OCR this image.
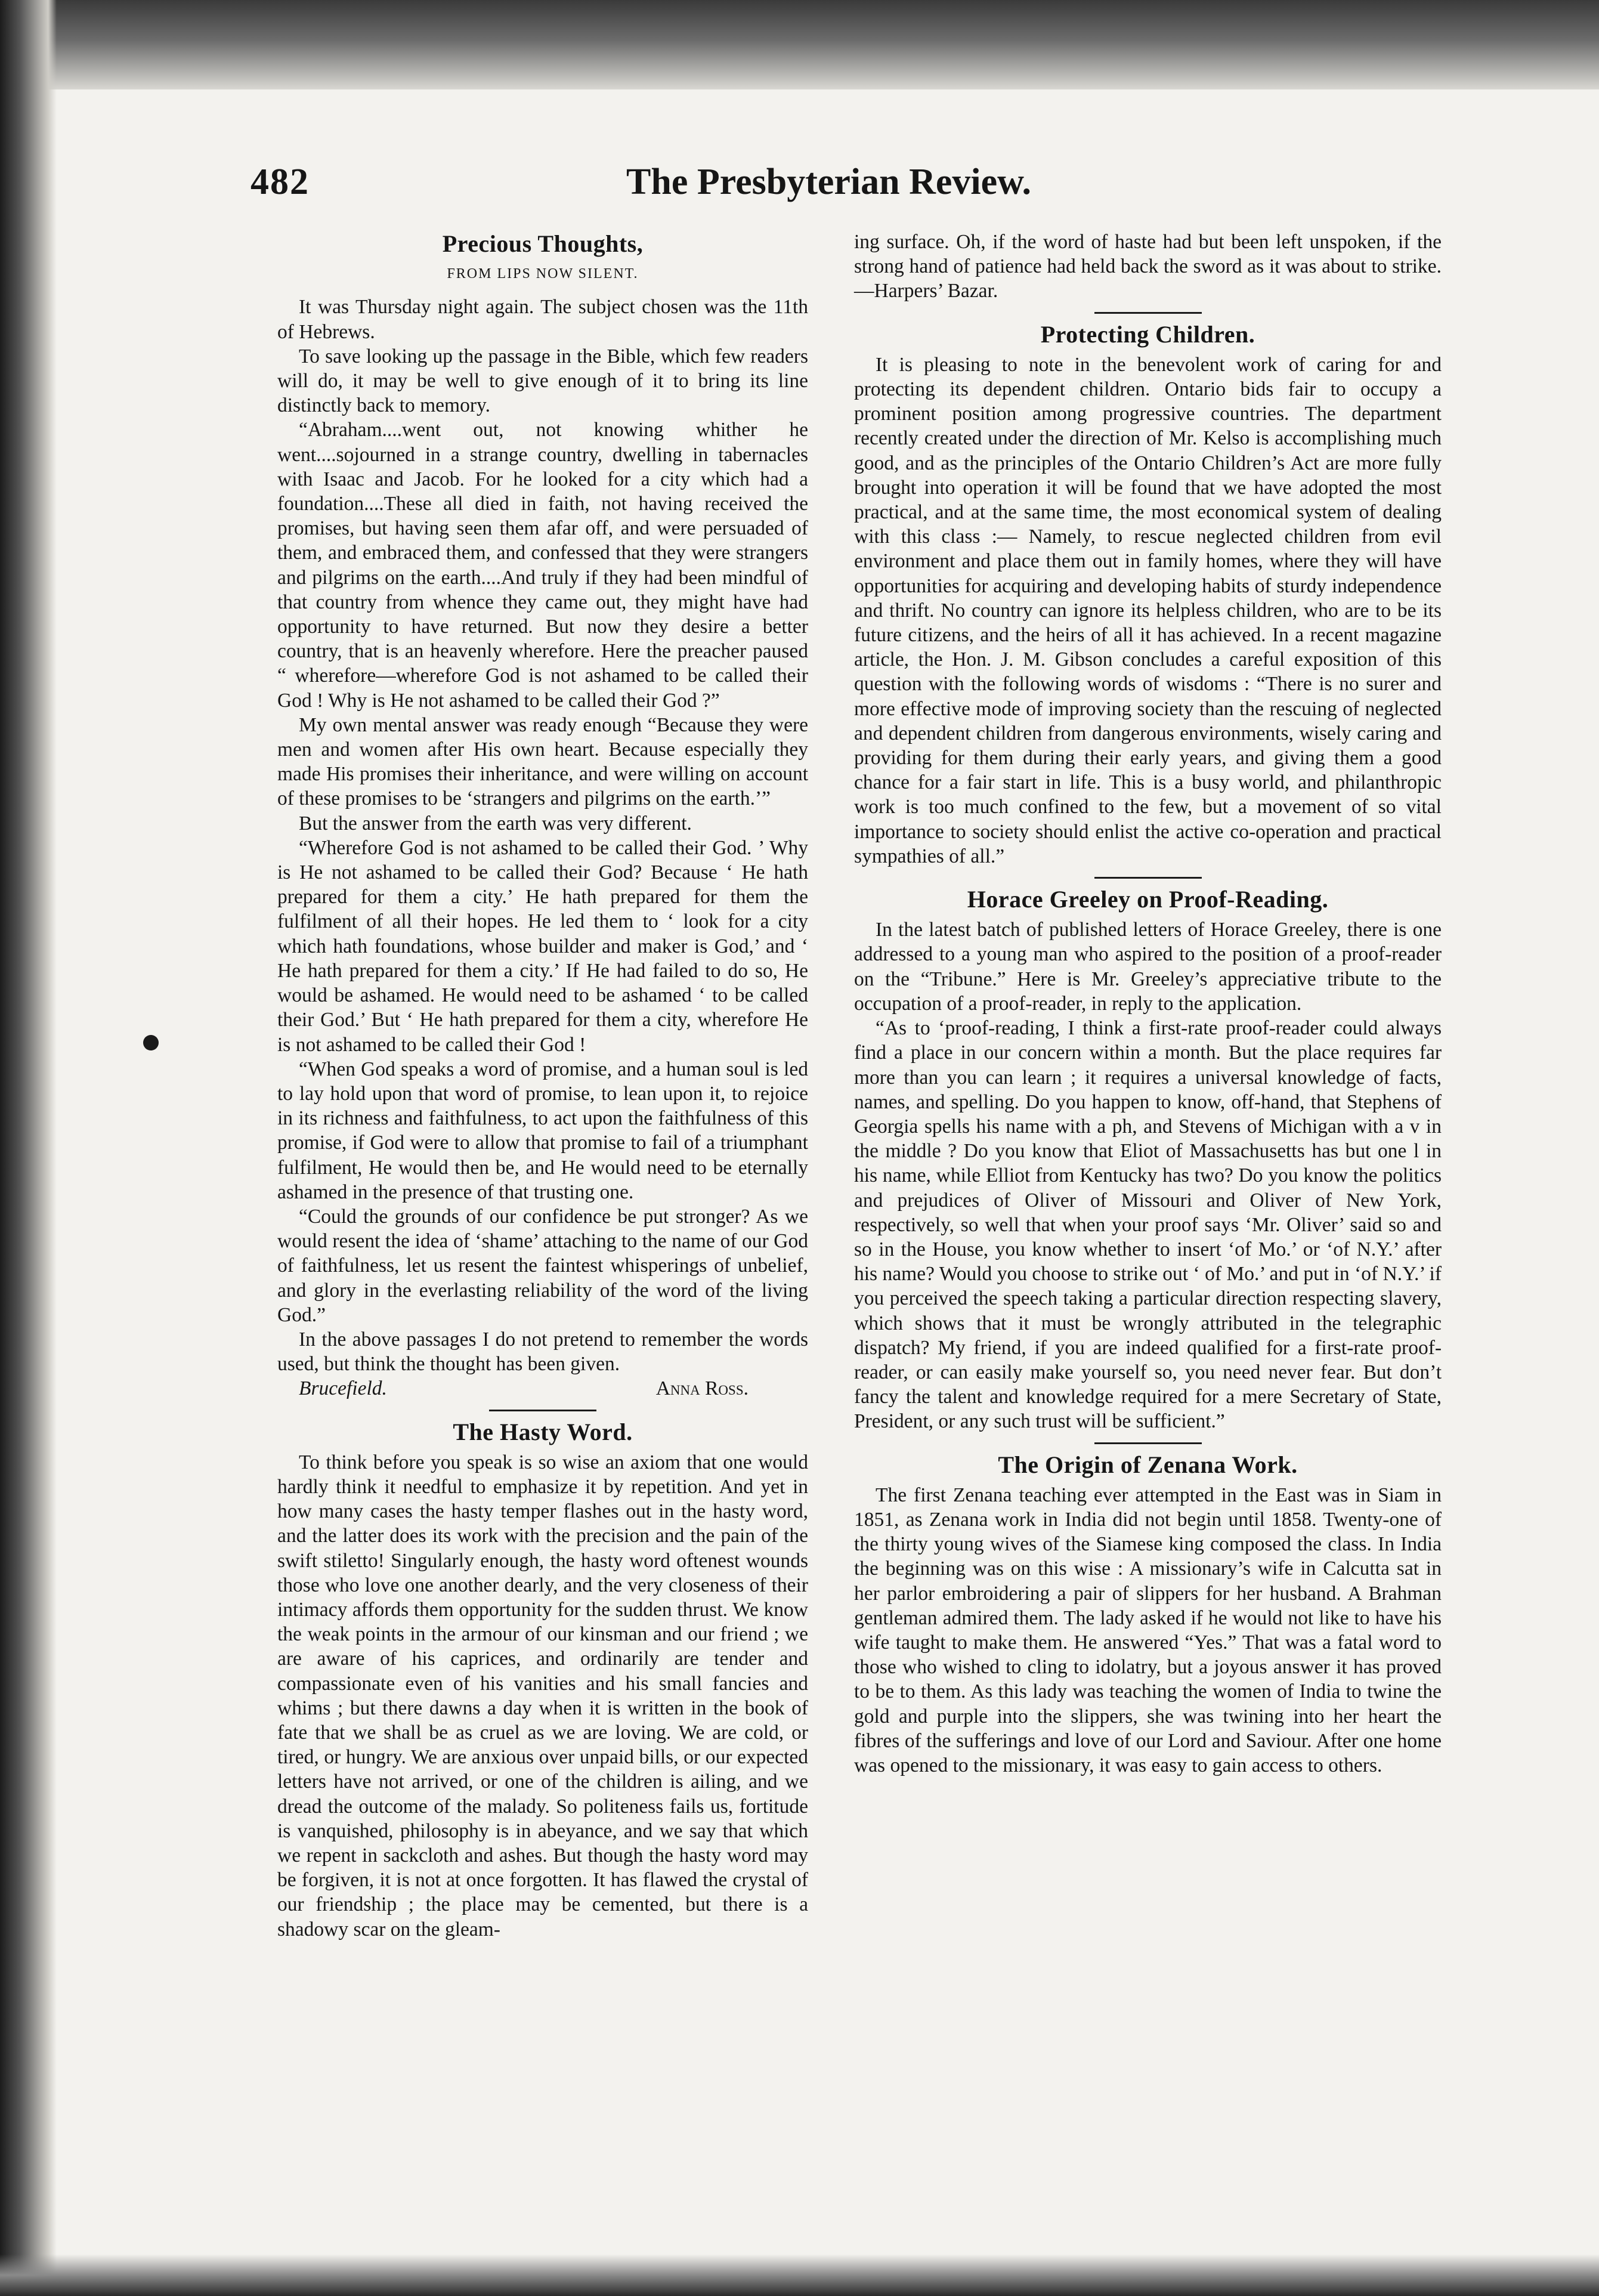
482	The Presbyterian Review.
Precious Thoughts,
FROM LIPS NOW SILENT.

It was Thursday night again. The subject chosen was the 11th of Hebrews.

To save looking up the passage in the Bible, which few readers will do, it may be well to give enough of it to bring its line distinctly back to memory.

“Abraham....went out, not knowing whither he went....sojourned in a strange country, dwelling in tabernacles with Isaac and Jacob. For he looked for a city which had a foundation....These all died in faith, not having received the promises, but having seen them afar off, and were persuaded of them, and embraced them, and confessed that they were strangers and pilgrims on the earth....And truly if they had been mindful of that country from whence they came out, they might have had opportunity to have returned. But now they desire a better country, that is an heavenly wherefore. Here the preacher paused “ wherefore—wherefore God is not ashamed to be called their God ! Why is He not ashamed to be called their God ?”

My own mental answer was ready enough “Because they were men and women after His own heart. Because especially they made His promises their inheritance, and were willing on account of these promises to be ‘strangers and pilgrims on the earth.’”

But the answer from the earth was very different.

“Wherefore God is not ashamed to be called their God. ’ Why is He not ashamed to be called their God? Because ‘ He hath prepared for them a city.’ He hath prepared for them the fulfilment of all their hopes. He led them to ‘ look for a city which hath foundations, whose builder and maker is God,’ and ‘ He hath prepared for them a city.’ If He had failed to do so, He would be ashamed. He would need to be ashamed ‘ to be called their God.’ But ‘ He hath prepared for them a city, wherefore He is not ashamed to be called their God !

“When God speaks a word of promise, and a human soul is led to lay hold upon that word of promise, to lean upon it, to rejoice in its richness and faithfulness, to act upon the faithfulness of this promise, if God were to allow that promise to fail of a triumphant fulfilment, He would then be, and He would need to be eternally ashamed in the presence of that trusting one.

“Could the grounds of our confidence be put stronger? As we would resent the idea of ‘shame’ attaching to the name of our God of faithfulness, let us resent the faintest whisperings of unbelief, and glory in the everlasting reliability of the word of the living God.”

In the above passages I do not pretend to remember the words used, but think the thought has been given.

Brucefield.	Anna Ross.

The Hasty Word.

To think before you speak is so wise an axiom that one would hardly think it needful to emphasize it by repetition. And yet in how many cases the hasty temper flashes out in the hasty word, and the latter does its work with the precision and the pain of the swift stiletto! Singularly enough, the hasty word oftenest wounds those who love one another dearly, and the very closeness of their intimacy affords them opportunity for the sudden thrust. We know the weak points in the armour of our kinsman and our friend ; we are aware of his caprices, and ordinarily are tender and compassionate even of his vanities and his small fancies and whims ; but there dawns a day when it is written in the book of fate that we shall be as cruel as we are loving. We are cold, or tired, or hungry. We are anxious over unpaid bills, or our expected letters have not arrived, or one of the children is ailing, and we dread the outcome of the malady. So politeness fails us, fortitude is vanquished, philosophy is in abeyance, and we say that which we repent in sackcloth and ashes. But though the hasty word may be forgiven, it is not at once forgotten. It has flawed the crystal of our friendship ; the place may be cemented, but there is a shadowy scar on the gleam-

ing surface. Oh, if the word of haste had but been left unspoken, if the strong hand of patience had held back the sword as it was about to strike.—Harpers’ Bazar.

Protecting Children.

It is pleasing to note in the benevolent work of caring for and protecting its dependent children. Ontario bids fair to occupy a prominent position among progressive countries. The department recently created under the direction of Mr. Kelso is accomplishing much good, and as the principles of the Ontario Children’s Act are more fully brought into operation it will be found that we have adopted the most practical, and at the same time, the most economical system of dealing with this class :— Namely, to rescue neglected children from evil environment and place them out in family homes, where they will have opportunities for acquiring and developing habits of sturdy independence and thrift. No country can ignore its helpless children, who are to be its future citizens, and the heirs of all it has achieved. In a recent magazine article, the Hon. J. M. Gibson concludes a careful exposition of this question with the following words of wisdoms : “There is no surer and more effective mode of improving society than the rescuing of neglected and dependent children from dangerous environments, wisely caring and providing for them during their early years, and giving them a good chance for a fair start in life. This is a busy world, and philanthropic work is too much confined to the few, but a movement of so vital importance to society should enlist the active co-operation and practical sympathies of all.”

Horace Greeley on Proof-Reading.

In the latest batch of published letters of Horace Greeley, there is one addressed to a young man who aspired to the position of a proof-reader on the “Tribune.” Here is Mr. Greeley’s appreciative tribute to the occupation of a proof-reader, in reply to the application.

“As to ‘proof-reading, I think a first-rate proof-reader could always find a place in our concern within a month. But the place requires far more than you can learn ; it requires a universal knowledge of facts, names, and spelling. Do you happen to know, off-hand, that Stephens of Georgia spells his name with a ph, and Stevens of Michigan with a v in the middle ? Do you know that Eliot of Massachusetts has but one l in his name, while Elliot from Kentucky has two? Do you know the politics and prejudices of Oliver of Missouri and Oliver of New York, respectively, so well that when your proof says ‘Mr. Oliver’ said so and so in the House, you know whether to insert ‘of Mo.’ or ‘of N.Y.’ after his name? Would you choose to strike out ‘ of Mo.’ and put in ‘of N.Y.’ if you perceived the speech taking a particular direction respecting slavery, which shows that it must be wrongly attributed in the telegraphic dispatch? My friend, if you are indeed qualified for a first-rate proof-reader, or can easily make yourself so, you need never fear. But don’t fancy the talent and knowledge required for a mere Secretary of State, President, or any such trust will be sufficient.”

The Origin of Zenana Work.

The first Zenana teaching ever attempted in the East was in Siam in 1851, as Zenana work in India did not begin until 1858. Twenty-one of the thirty young wives of the Siamese king composed the class. In India the beginning was on this wise : A missionary’s wife in Calcutta sat in her parlor embroidering a pair of slippers for her husband. A Brahman gentleman admired them. The lady asked if he would not like to have his wife taught to make them. He answered “Yes.” That was a fatal word to those who wished to cling to idolatry, but a joyous answer it has proved to be to them. As this lady was teaching the women of India to twine the gold and purple into the slippers, she was twining into her heart the fibres of the sufferings and love of our Lord and Saviour. After one home was opened to the missionary, it was easy to gain access to others.
